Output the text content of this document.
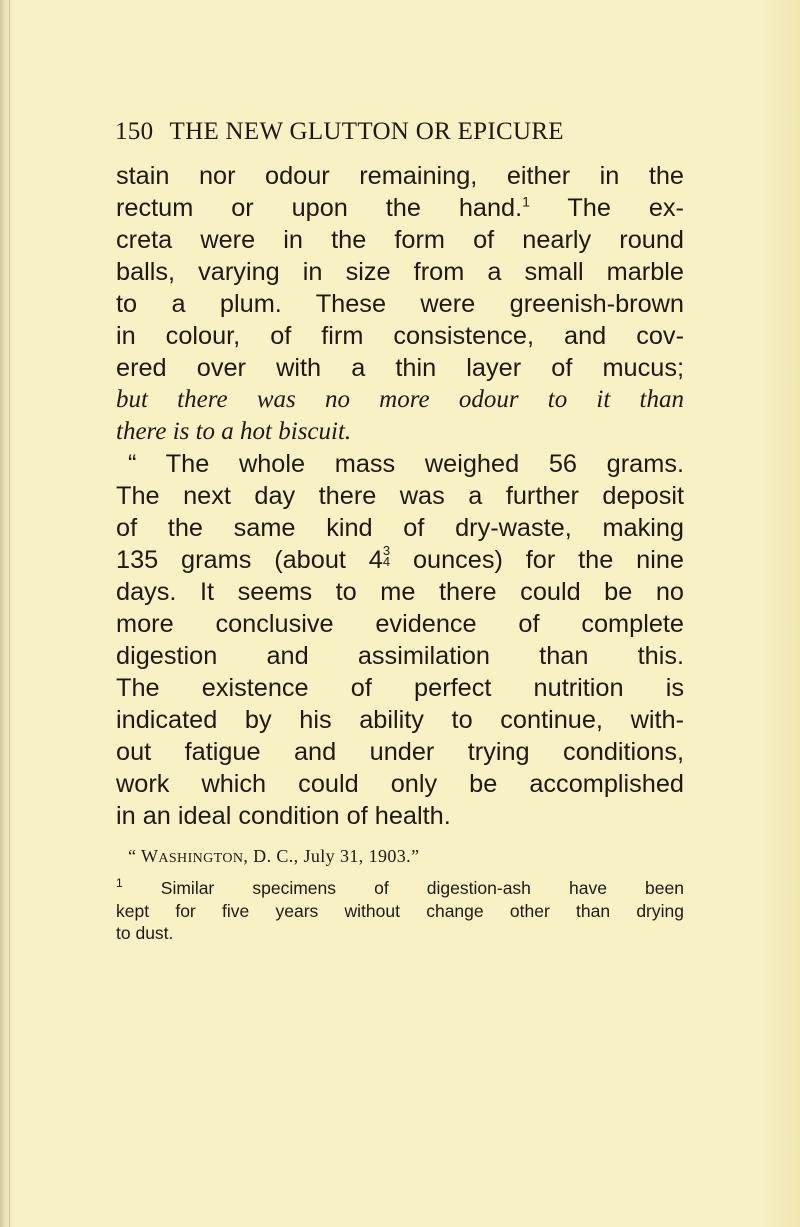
150 THE NEW GLUTTON OR EPICURE
stain nor odour remaining, either in the
rectum or upon the hand.$^1$ The ex-
creta were in the form of nearly round
balls, varying in size from a small marble
to a plum. These were greenish-brown
in colour, of firm consistence, and cov-
ered over with a thin layer of mucus;
but there was no more odour to it than
there is to a hot biscuit.
“ The whole mass weighed 56 grams.
The next day there was a further deposit
of the same kind of dry-waste, making
135 grams (about 4 3
4 ounces) for the nine
days. It seems to me there could be no
more conclusive evidence of complete
digestion and assimilation than this.
The existence of perfect nutrition is
indicated by his ability to continue, with-
out fatigue and under trying conditions,
work which could only be accomplished
in an ideal condition of health.
“ WASHINGTON, D. C., July 31, 1903.”
$^1$ Similar specimens of digestion-ash have been
kept for five years without change other than drying
to dust.
